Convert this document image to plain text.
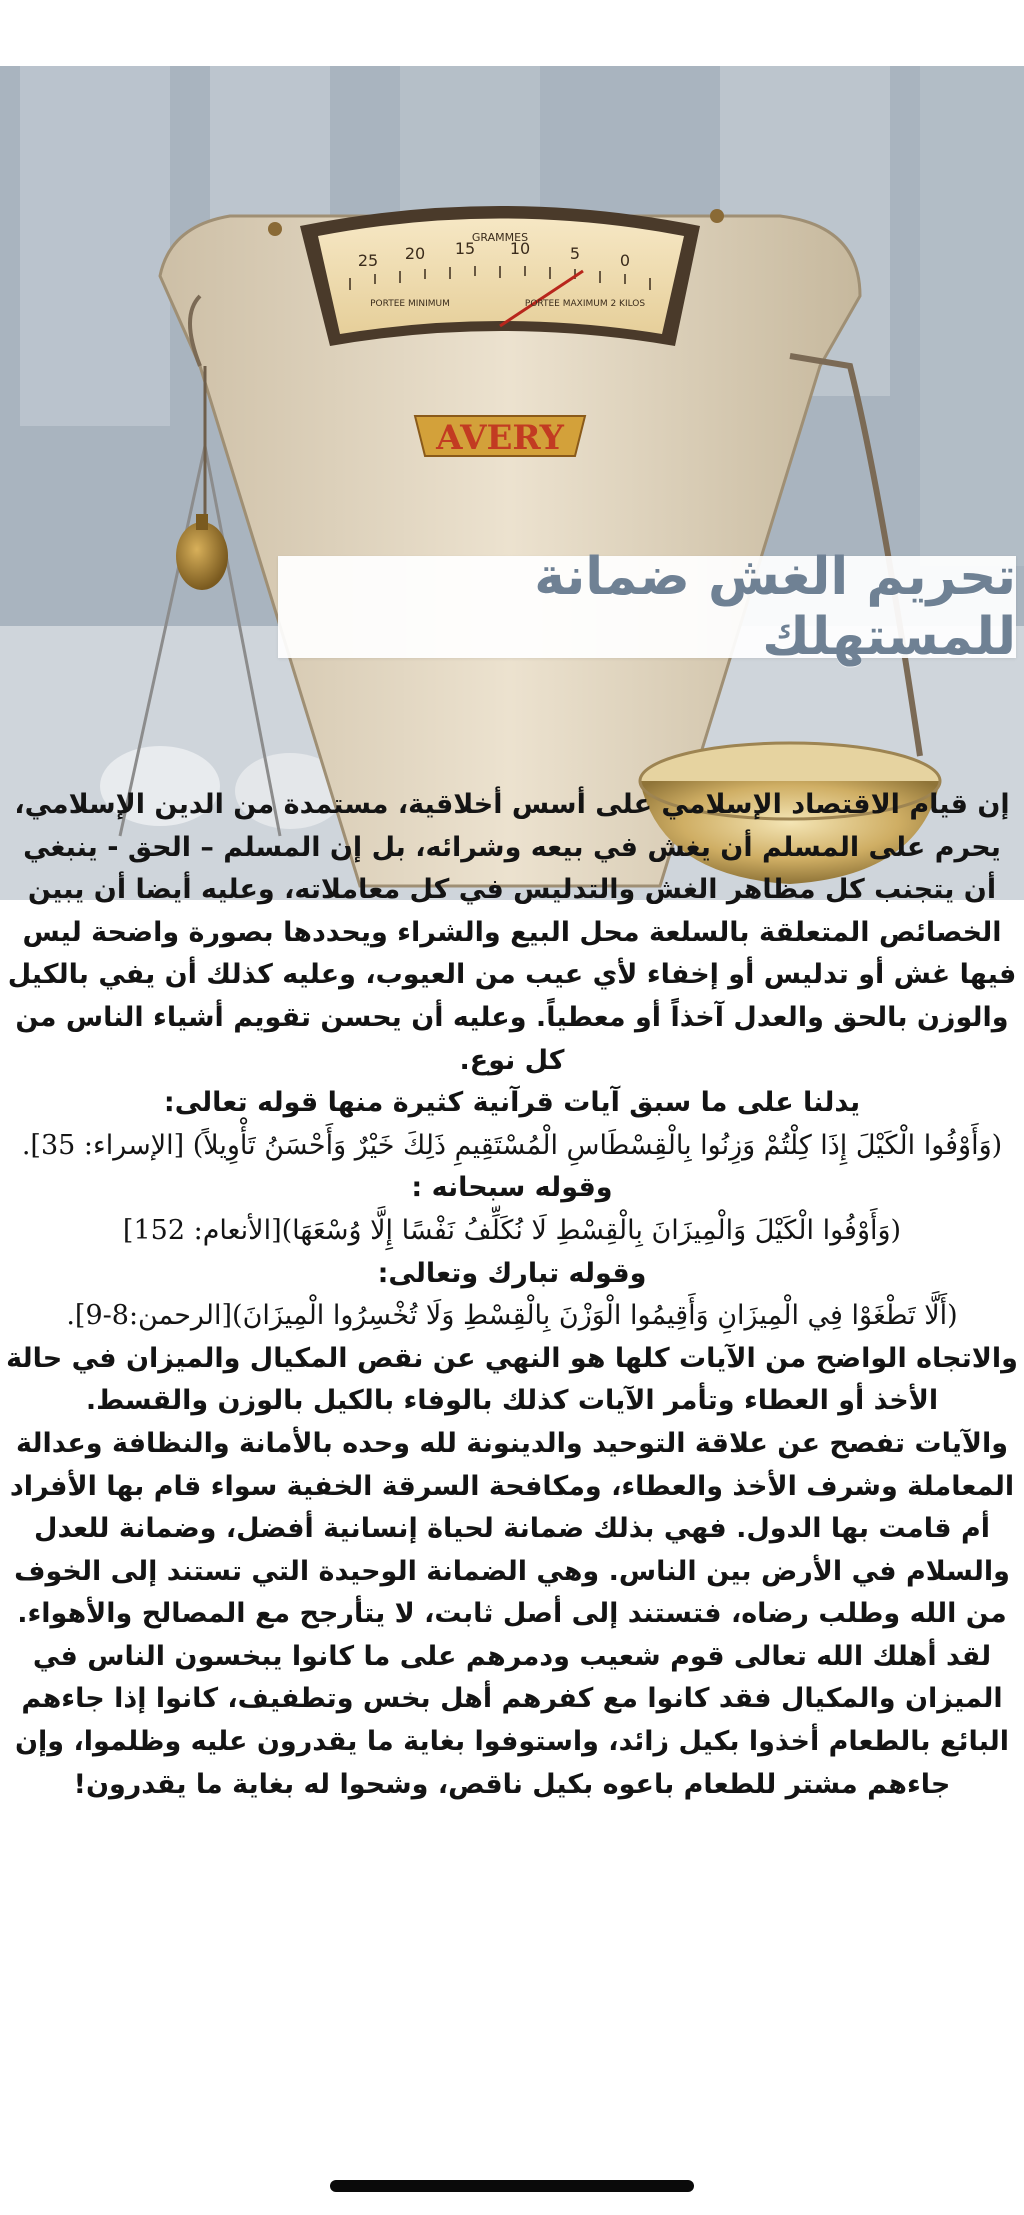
GRAMMES
25 20 15 10 5 0
PORTEE MINIMUM	PORTEE MAXIMUM 2 KILOS
AVERY
تحريم الغش ضمانة للمستهلك

إن قيام الاقتصاد الإسلامي على أسس أخلاقية، مستمدة من الدين الإسلامي، يحرم على المسلم أن يغش في بيعه وشرائه، بل إن المسلم – الحق - ينبغي أن يتجنب كل مظاهر الغش والتدليس في كل معاملاته، وعليه أيضا أن يبين الخصائص المتعلقة بالسلعة محل البيع والشراء ويحددها بصورة واضحة ليس فيها غش أو تدليس أو إخفاء لأي عيب من العيوب، وعليه كذلك أن يفي بالكيل والوزن بالحق والعدل آخذاً أو معطياً. وعليه أن يحسن تقويم أشياء الناس من كل نوع.

يدلنا على ما سبق آيات قرآنية كثيرة منها قوله تعالى:

(وَأَوْفُوا الْكَيْلَ إِذَا كِلْتُمْ وَزِنُوا بِالْقِسْطَاسِ الْمُسْتَقِيمِ ذَلِكَ خَيْرٌ وَأَحْسَنُ تَأْوِيلاً) [الإسراء: 35].

وقوله سبحانه :

(وَأَوْفُوا الْكَيْلَ وَالْمِيزَانَ بِالْقِسْطِ لَا نُكَلِّفُ نَفْسًا إِلَّا وُسْعَهَا)[الأنعام: 152]

وقوله تبارك وتعالى:

(أَلَّا تَطْغَوْا فِي الْمِيزَانِ وَأَقِيمُوا الْوَزْنَ بِالْقِسْطِ وَلَا تُخْسِرُوا الْمِيزَانَ)[الرحمن:8-9].

والاتجاه الواضح من الآيات كلها هو النهي عن نقص المكيال والميزان في حالة الأخذ أو العطاء وتأمر الآيات كذلك بالوفاء بالكيل بالوزن والقسط.

والآيات تفصح عن علاقة التوحيد والدينونة لله وحده بالأمانة والنظافة وعدالة المعاملة وشرف الأخذ والعطاء، ومكافحة السرقة الخفية سواء قام بها الأفراد أم قامت بها الدول. فهي بذلك ضمانة لحياة إنسانية أفضل، وضمانة للعدل والسلام في الأرض بين الناس. وهي الضمانة الوحيدة التي تستند إلى الخوف من الله وطلب رضاه، فتستند إلى أصل ثابت، لا يتأرجح مع المصالح والأهواء.

لقد أهلك الله تعالى قوم شعيب ودمرهم على ما كانوا يبخسون الناس في الميزان والمكيال فقد كانوا مع كفرهم أهل بخس وتطفيف، كانوا إذا جاءهم البائع بالطعام أخذوا بكيل زائد، واستوفوا بغاية ما يقدرون عليه وظلموا، وإن جاءهم مشتر للطعام باعوه بكيل ناقص، وشحوا له بغاية ما يقدرون!
